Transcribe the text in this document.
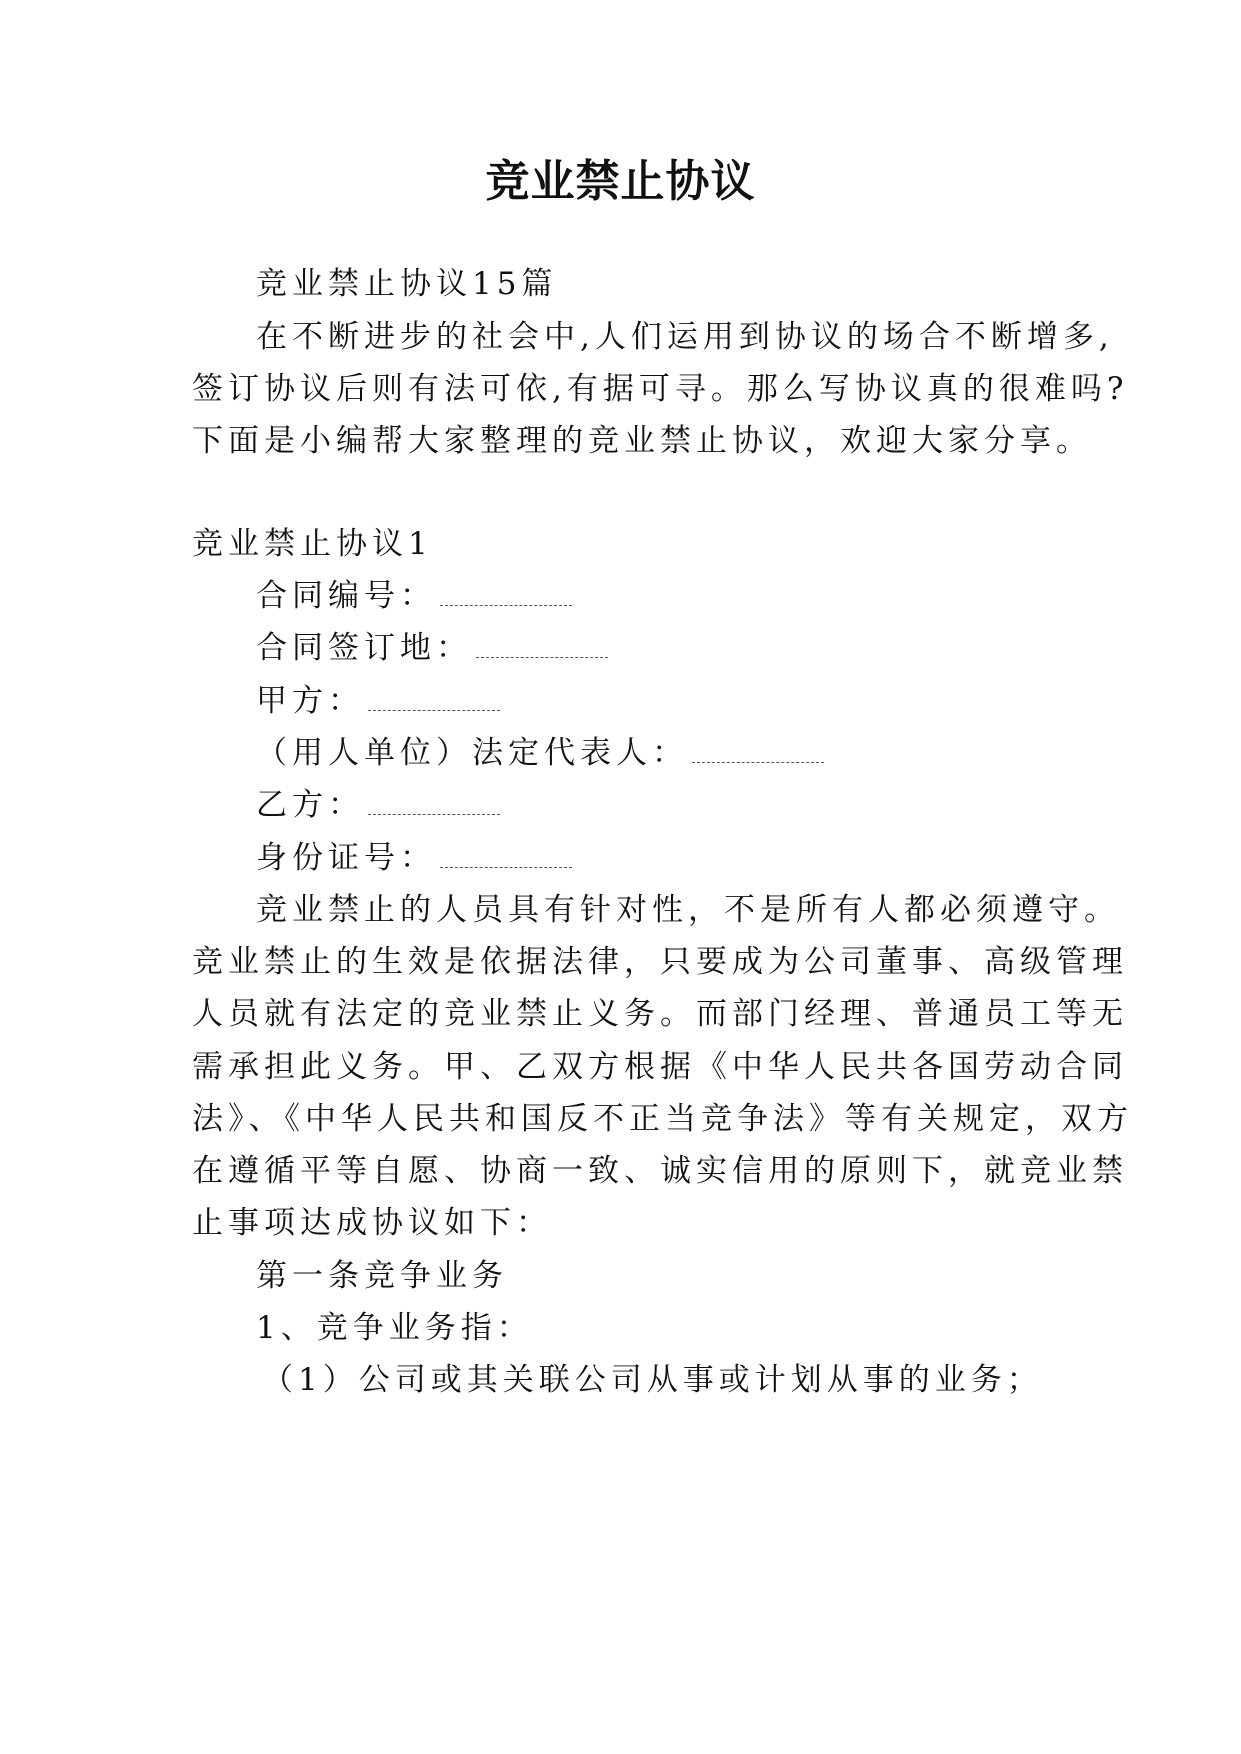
竞业禁止协议
竞业禁止协议15篇
在不断进步的社会中,人们运用到协议的场合不断增多,
签订协议后则有法可依,有据可寻。那么写协议真的很难吗?
下面是小编帮大家整理的竞业禁止协议，欢迎大家分享。
竞业禁止协议1
合同编号：
合同签订地：
甲方：
（用人单位）法定代表人：
乙方：
身份证号：
竞业禁止的人员具有针对性，不是所有人都必须遵守。
竞业禁止的生效是依据法律，只要成为公司董事、高级管理
人员就有法定的竞业禁止义务。而部门经理、普通员工等无
需承担此义务。甲、乙双方根据《中华人民共各国劳动合同
法》、《中华人民共和国反不正当竞争法》等有关规定，双方
在遵循平等自愿、协商一致、诚实信用的原则下，就竞业禁
止事项达成协议如下：
第一条竞争业务
1、竞争业务指：
（1）公司或其关联公司从事或计划从事的业务；
